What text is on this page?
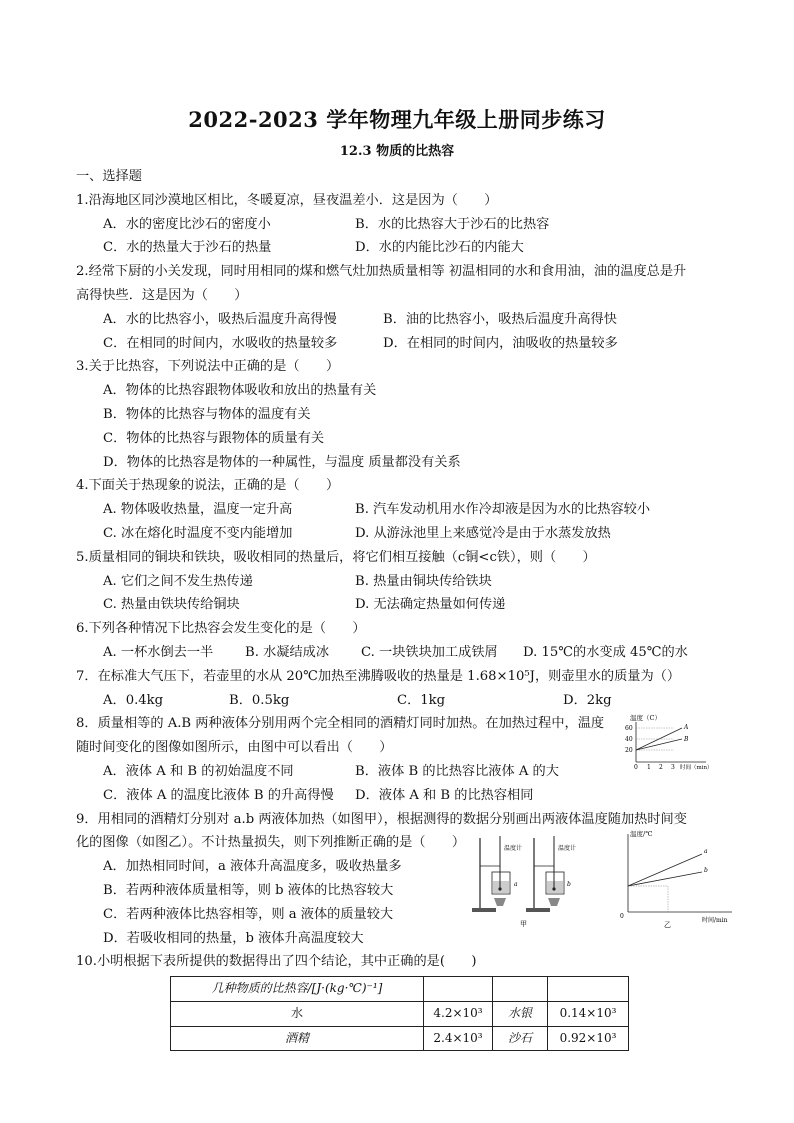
2022-2023 学年物理九年级上册同步练习
12.3 物质的比热容
一、选择题
1.沿海地区同沙漠地区相比，冬暖夏凉，昼夜温差小．这是因为（　　）
A．水的密度比沙石的密度小	B．水的比热容大于沙石的比热容
C．水的热量大于沙石的热量	D．水的内能比沙石的内能大
2.经常下厨的小关发现，同时用相同的煤和燃气灶加热质量相等 初温相同的水和食用油，油的温度总是升
高得快些．这是因为（　　）
A．水的比热容小，吸热后温度升高得慢	B．油的比热容小，吸热后温度升高得快
C．在相同的时间内，水吸收的热量较多	D．在相同的时间内，油吸收的热量较多
3.关于比热容，下列说法中正确的是（　　）
A．物体的比热容跟物体吸收和放出的热量有关
B．物体的比热容与物体的温度有关
C．物体的比热容与跟物体的质量有关
D．物体的比热容是物体的一种属性，与温度 质量都没有关系
4.下面关于热现象的说法，正确的是（　　）
A. 物体吸收热量，温度一定升高	B. 汽车发动机用水作冷却液是因为水的比热容较小
C. 冰在熔化时温度不变内能增加	D. 从游泳池里上来感觉冷是由于水蒸发放热
5.质量相同的铜块和铁块，吸收相同的热量后，将它们相互接触（c铜<c铁），则（　　）
A. 它们之间不发生热传递	B. 热量由铜块传给铁块
C. 热量由铁块传给铜块	D. 无法确定热量如何传递
6.下列各种情况下比热容会发生变化的是（　　）
A. 一杯水倒去一半	B. 水凝结成冰	C. 一块铁块加工成铁屑	D. 15℃的水变成 45℃的水
7．在标准大气压下，若壶里的水从 20℃加热至沸腾吸收的热量是 1.68×10⁵J，则壶里水的质量为（）
A．0.4kg	B．0.5kg	C．1kg	D．2kg
8．质量相等的 A.B 两种液体分别用两个完全相同的酒精灯同时加热。在加热过程中，温度
随时间变化的图像如图所示，由图中可以看出（　　）
A．液体 A 和 B 的初始温度不同	B．液体 B 的比热容比液体 A 的大
C．液体 A 的温度比液体 B 的升高得慢	D．液体 A 和 B 的比热容相同
温度（C）
60
40
20
0 1 2 3 时间（min）
A
B
9．用相同的酒精灯分别对 a.b 两液体加热（如图甲），根据测得的数据分别画出两液体温度随加热时间变
化的图像（如图乙）。不计热量损失，则下列推断正确的是（　　）
A．加热相同时间，a 液体升高温度多，吸收热量多
B．若两种液体质量相等，则 b 液体的比热容较大
C．若两种液体比热容相等，则 a 液体的质量较大
D．若吸收相同的热量，b 液体升高温度较大
温度计
a
温度计
b
甲
温度/℃
a
b
0
时间/min
乙
10.小明根据下表所提供的数据得出了四个结论，其中正确的是(　　)
几种物质的比热容/[J·(kg·℃)⁻¹]			
水	4.2×10³	水银	0.14×10³
酒精	2.4×10³	沙石	0.92×10³
